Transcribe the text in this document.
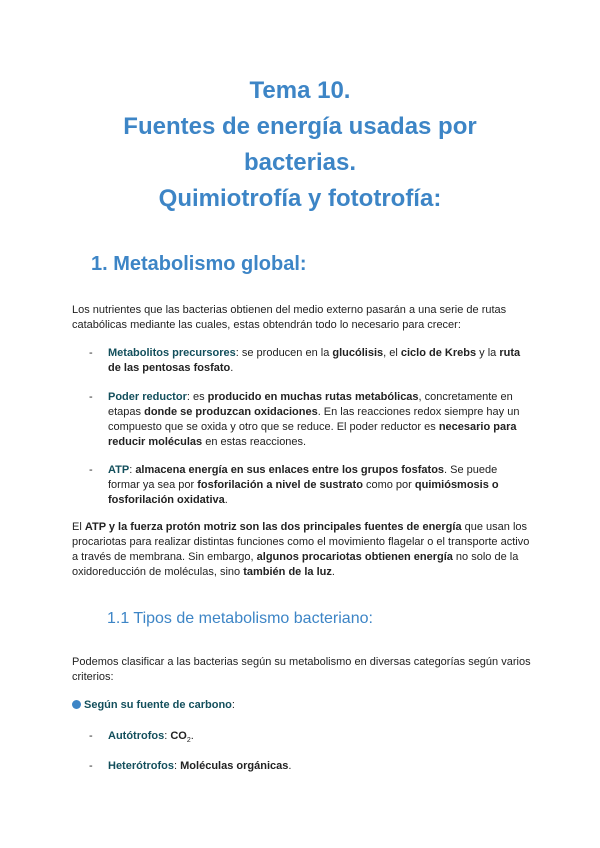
Tema 10.
Fuentes de energía usadas por
bacterias.
Quimiotrofía y fototrofía:
1. Metabolismo global:

Los nutrientes que las bacterias obtienen del medio externo pasarán a una serie de rutas catabólicas mediante las cuales, estas obtendrán todo lo necesario para crecer:

- Metabolitos precursores: se producen en la glucólisis, el ciclo de Krebs y la ruta de las pentosas fosfato.

- Poder reductor: es producido en muchas rutas metabólicas, concretamente en etapas donde se produzcan oxidaciones. En las reacciones redox siempre hay un compuesto que se oxida y otro que se reduce. El poder reductor es necesario para reducir moléculas en estas reacciones.

- ATP: almacena energía en sus enlaces entre los grupos fosfatos. Se puede formar ya sea por fosforilación a nivel de sustrato como por quimiósmosis o fosforilación oxidativa.

El ATP y la fuerza protón motriz son las dos principales fuentes de energía que usan los procariotas para realizar distintas funciones como el movimiento flagelar o el transporte activo a través de membrana. Sin embargo, algunos procariotas obtienen energía no solo de la oxidoreducción de moléculas, sino también de la luz.

1.1 Tipos de metabolismo bacteriano:

Podemos clasificar a las bacterias según su metabolismo en diversas categorías según varios criterios:

Según su fuente de carbono:

- Autótrofos: $CO_2$.

- Heterótrofos: Moléculas orgánicas.
